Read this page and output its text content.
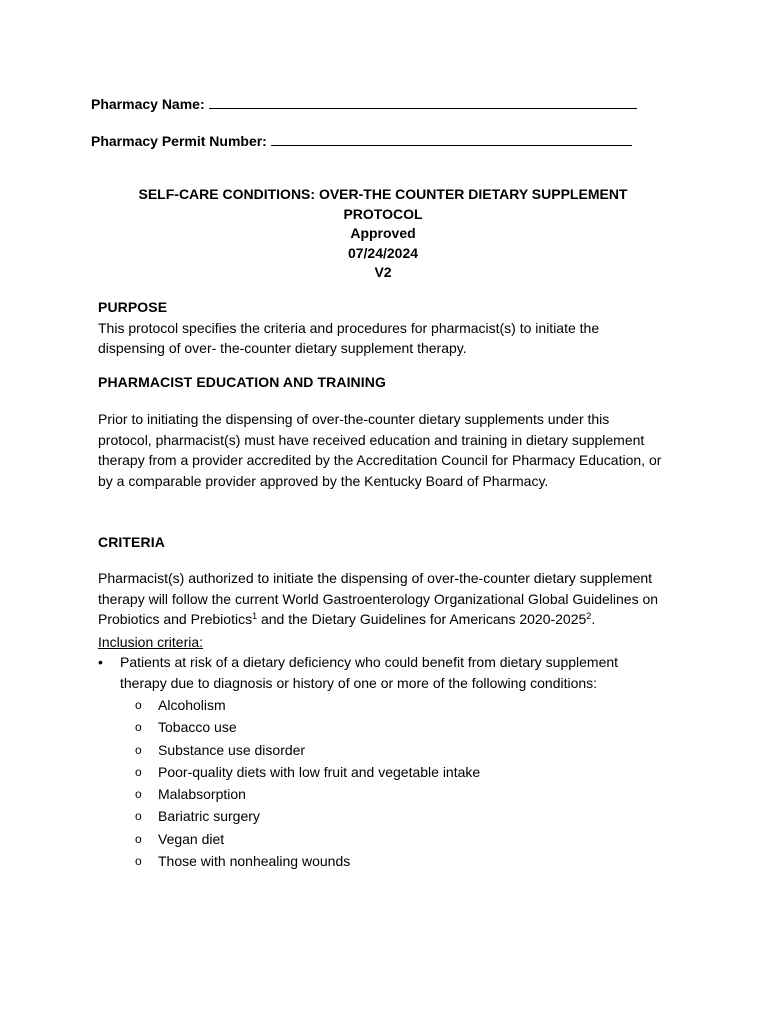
Pharmacy Name:
Pharmacy Permit Number:
SELF-CARE CONDITIONS: OVER-THE COUNTER DIETARY SUPPLEMENT
PROTOCOL
Approved
07/24/2024
V2
PURPOSE

This protocol specifies the criteria and procedures for pharmacist(s) to initiate the dispensing of over- the-counter dietary supplement therapy.

PHARMACIST EDUCATION AND TRAINING

Prior to initiating the dispensing of over-the-counter dietary supplements under this protocol, pharmacist(s) must have received education and training in dietary supplement therapy from a provider accredited by the Accreditation Council for Pharmacy Education, or by a comparable provider approved by the Kentucky Board of Pharmacy.

CRITERIA

Pharmacist(s) authorized to initiate the dispensing of over-the-counter dietary supplement therapy will follow the current World Gastroenterology Organizational Global Guidelines on Probiotics and Prebiotics$^1$ and the Dietary Guidelines for Americans 2020-2025$^2$.

Inclusion criteria:
• Patients at risk of a dietary deficiency who could benefit from dietary supplement therapy due to diagnosis or history of one or more of the following conditions:
o Alcoholism
o Tobacco use
o Substance use disorder
o Poor-quality diets with low fruit and vegetable intake
o Malabsorption
o Bariatric surgery
o Vegan diet
o Those with nonhealing wounds
